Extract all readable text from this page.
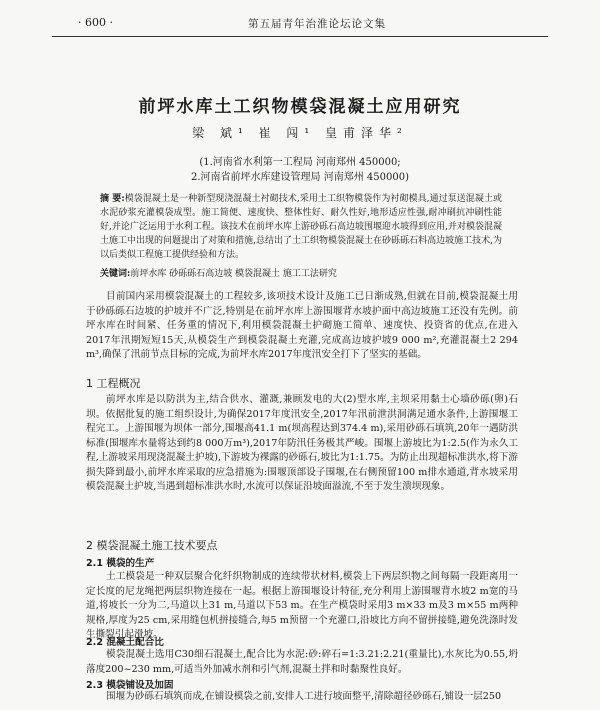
· 600 ·	第五届青年治淮论坛论文集
前坪水库土工织物模袋混凝土应用研究
梁 斌¹ 崔 闯¹ 皇甫泽华²
(1.河南省水利第一工程局 河南郑州 450000;
2.河南省前坪水库建设管理局 河南郑州 450000)
摘 要:模袋混凝土是一种新型现浇混凝土衬砌技术,采用土工织物模袋作为衬砌模具,通过泵送混凝土或水泥砂浆充灌模袋成型。施工简便、速度快、整体性好、耐久性好,地形适应性强,耐冲刷抗冲刷性能好,并论广泛运用于水利工程。该技术在前坪水库上游砂砾石高边坡围堰迎水坡得到应用,并对模袋混凝土施工中出现的问题提出了对策和措施,总结出了土工织物模袋混凝土在砂砾砾石料高边坡施工技术,为以后类似工程施工提供经验和方法。
关键词:前坪水库 砂砾砾石高边坡 模袋混凝土 施工工法研究
目前国内采用模袋混凝土的工程较多,该项技术设计及施工已日渐成熟,但就在目前,模袋混凝土用于砂砾砾石边坡的护坡并不广泛,特别是在前坪水库上游围堰背水坡护面中高边坡施工还没有先例。前坪水库在时间紧、任务重的情况下,利用模袋混凝土护砌施工简单、速度快、投资省的优点,在进入2017年汛期短短15天,从模袋生产到模袋混凝土充灌,完成高边坡护坡9 000 m²,充灌混凝土2 294 m³,确保了汛前节点目标的完成,为前坪水库2017年度汛安全打下了坚实的基础。
1 工程概况
前坪水库是以防洪为主,结合供水、灌溉,兼顾发电的大(2)型水库,主坝采用黏土心墙砂砾(卵)石坝。依据批复的施工组织设计,为确保2017年度汛安全,2017年汛前泄洪洞满足通水条件,上游围堰工程完工。上游围堰为坝体一部分,围堰高41.1 m(坝高程达到374.4 m),采用砂砾石填筑,20年一遇防洪标准(围堰库水量将达到约8 000万m³),2017年防汛任务极其严峻。围堰上游坡比为1:2.5(作为永久工程,上游坡采用现浇混凝土护坡),下游坡为裸露的砂砾石,坡比为1:1.75。为防止出现超标准洪水,将下游损失降到最小,前坪水库采取的应急措施为:围堰顶部设子围堰,在右侧预留100 m排水通道,背水坡采用模袋混凝土护坡,当遇到超标准洪水时,水流可以保证沿坡面溢流,不至于发生溃坝现象。
2 模袋混凝土施工技术要点
2.1 模袋的生产
土工模袋是一种双层聚合化纤织物制成的连续带状材料,模袋上下两层织物之间每隔一段距离用一定长度的尼龙绳把两层织物连接在一起。根据上游围堰设计特征,充分利用上游围堰背水坡2 m宽的马道,将坡长一分为二,马道以上31 m,马道以下53 m。在生产模袋时采用3 m×33 m及3 m×55 m两种规格,厚度为25 cm,采用缝包机拼接缝合,每5 m预留一个充灌口,沿坡比方向不留拼接缝,避免洗涤时发生撕裂引起滑坡。
2.2 混凝土配合比
模袋混凝土选用C30细石混凝土,配合比为水泥:砂:碎石=1:3.21:2.21(重量比),水灰比为0.55,坍落度200~230 mm,可适当外加减水剂和引气剂,混凝土拌和时黏聚性良好。
2.3 模袋铺设及加固
围堰为砂砾石填筑而成,在铺设模袋之前,安排人工进行坡面整平,清除超径砂砾石,铺设一层250
